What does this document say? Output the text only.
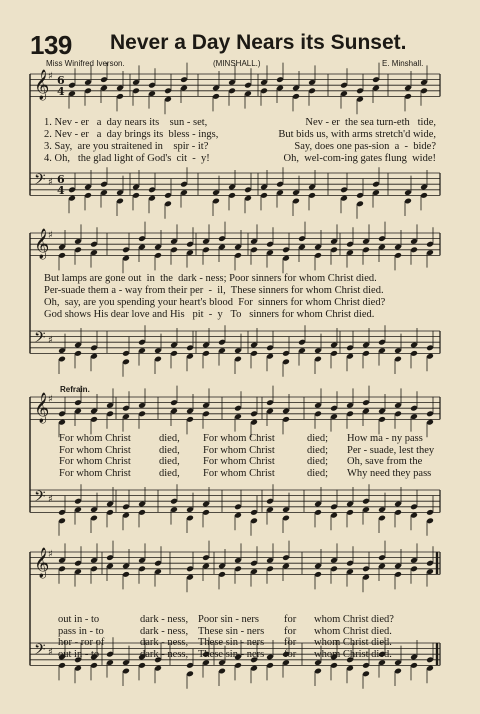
𝄞
♯ 6
4
𝄢 ♯ 6
4
𝄞
♯
𝄢 ♯
𝄞
♯
𝄢 ♯
𝄞
♯
𝄢 ♯
139 Never a Day Nears its Sunset.
Miss Winifred Iverson.	(MINSHALL.)	E. Minshall.
1. Nev - er   a  day nears its    sun - set,	Nev - er  the sea turn-eth   tide,
2. Nev - er   a  day brings its  bless - ings,	But bids us, with arms stretch'd wide,
3. Say,  are you straitened in    spir - it?	Say, does one pas-sion  a  -  bide?
4. Oh,   the glad light of God's  cit  -  y!	Oh,  wel-com-ing gates flung  wide!
But lamps are gone out  in  the  dark - ness; Poor sinners for whom Christ died.
Per-suade them a - way from their per  -  il,  These sinners for whom Christ died.
Oh,  say, are you spending your heart's blood  For  sinners for whom Christ died?
God shows His dear love and His   pit  -  y   To   sinners for whom Christ died.
Refrain.
For whom Christ	died,	For whom Christ	died;	How ma - ny pass
For whom Christ	died,	For whom Christ	died;	Per - suade, lest they
For whom Christ	died,	For whom Christ	died;	Oh, save from the
For whom Christ	died,	For whom Christ	died;	Why need they pass
out in - to	dark - ness, Poor sin - ners	for	whom Christ died?
pass in - to	dark - ness, These sin - ners	for	whom Christ died.
hor - ror of	dark - ness, These sin - ners	for	whom Christ died.
out in - to	dark - ness, These sin - ners	for	whom Christ died.
